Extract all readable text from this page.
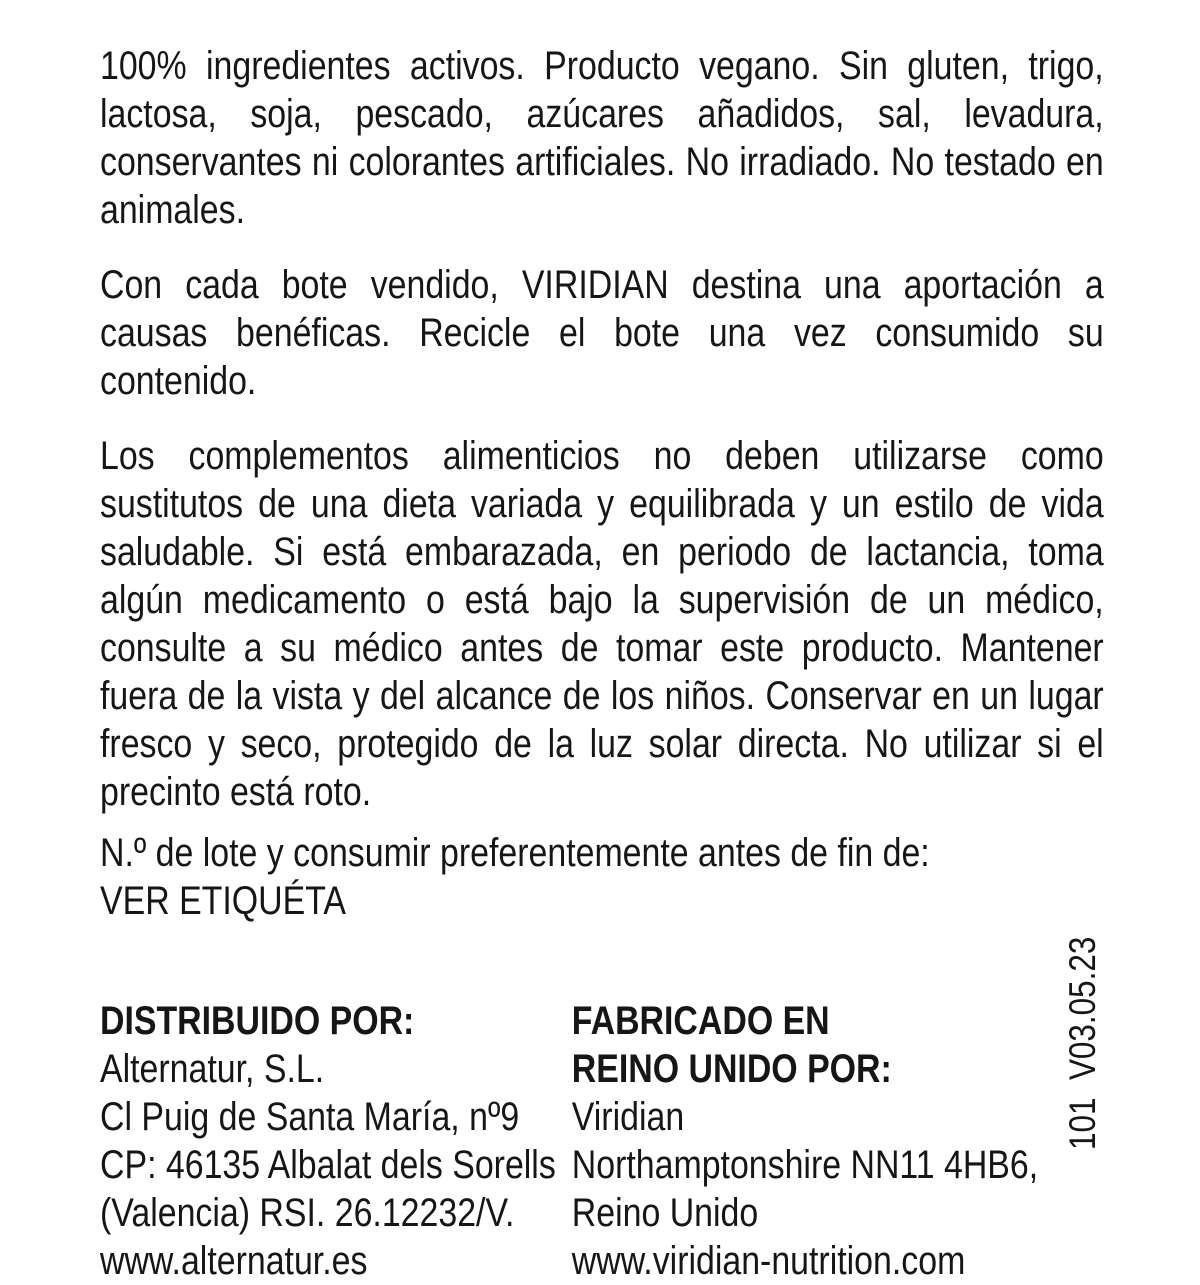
100% ingredientes activos. Producto vegano. Sin gluten, trigo, lactosa, soja, pescado, azúcares añadidos, sal, levadura, conservantes ni colorantes artificiales. No irradiado. No testado en animales.

Con cada bote vendido, VIRIDIAN destina una aportación a causas benéficas. Recicle el bote una vez consumido su contenido.

Los complementos alimenticios no deben utilizarse como sustitutos de una dieta variada y equilibrada y un estilo de vida saludable. Si está embarazada, en periodo de lactancia, toma algún medicamento o está bajo la supervisión de un médico, consulte a su médico antes de tomar este producto. Mantener fuera de la vista y del alcance de los niños. Conservar en un lugar fresco y seco, protegido de la luz solar directa. No utilizar si el precinto está roto.

N.º de lote y consumir preferentemente antes de fin de:
VER ETIQUÉTA
DISTRIBUIDO POR:
Alternatur, S.L.
Cl Puig de Santa María, nº9
CP: 46135 Albalat dels Sorells
(Valencia) RSI. 26.12232/V.
www.alternatur.es
FABRICADO EN
REINO UNIDO POR:
Viridian
Northamptonshire NN11 4HB6,
Reino Unido
www.viridian-nutrition.com
101  V03.05.23
